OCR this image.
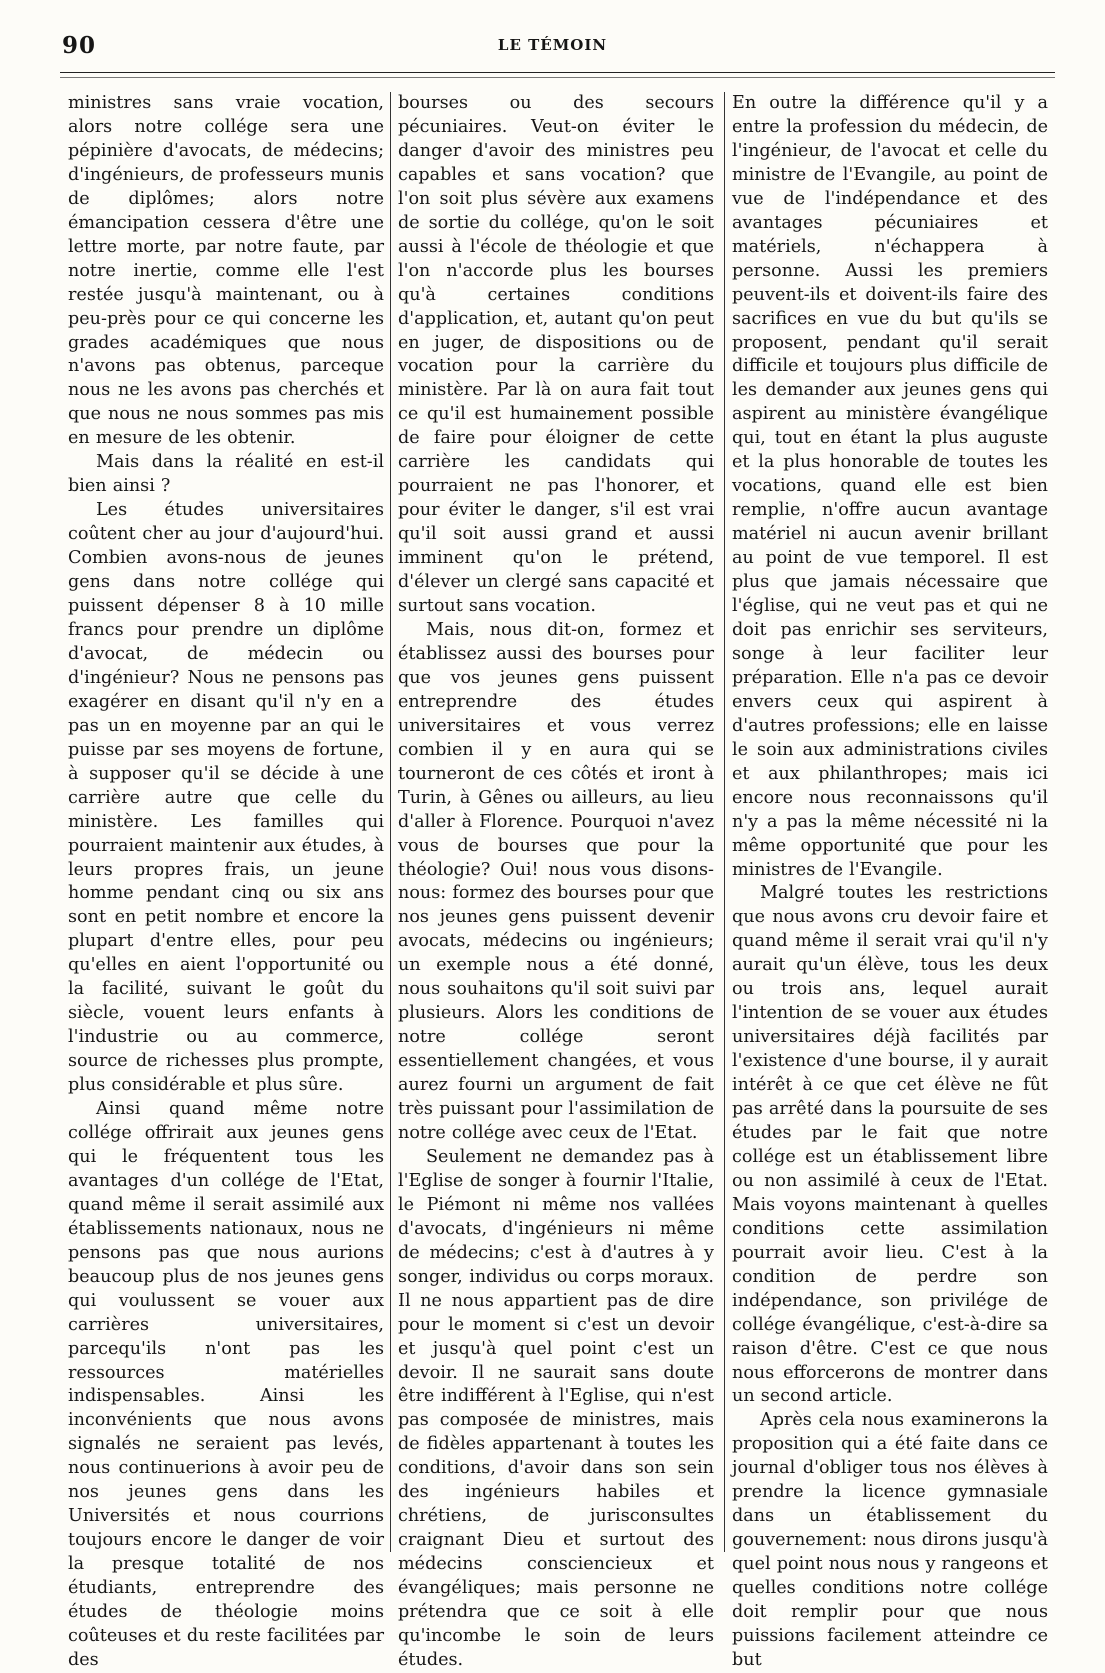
90	LE TÉMOIN

ministres sans vraie vocation, alors notre collége sera une pépinière d'avocats, de médecins; d'ingénieurs, de professeurs munis de diplômes; alors notre émancipation cessera d'être une lettre morte, par notre faute, par notre inertie, comme elle l'est restée jusqu'à maintenant, ou à peu-près pour ce qui concerne les grades académiques que nous n'avons pas obtenus, parceque nous ne les avons pas cherchés et que nous ne nous sommes pas mis en mesure de les obtenir.

Mais dans la réalité en est-il bien ainsi ?

Les études universitaires coûtent cher au jour d'aujourd'hui. Combien avons-nous de jeunes gens dans notre collége qui puissent dépenser 8 à 10 mille francs pour prendre un diplôme d'avocat, de médecin ou d'ingénieur? Nous ne pensons pas exagérer en disant qu'il n'y en a pas un en moyenne par an qui le puisse par ses moyens de fortune, à supposer qu'il se décide à une carrière autre que celle du ministère. Les familles qui pourraient maintenir aux études, à leurs propres frais, un jeune homme pendant cinq ou six ans sont en petit nombre et encore la plupart d'entre elles, pour peu qu'elles en aient l'opportunité ou la facilité, suivant le goût du siècle, vouent leurs enfants à l'industrie ou au commerce, source de richesses plus prompte, plus considérable et plus sûre.

Ainsi quand même notre collége offrirait aux jeunes gens qui le fréquentent tous les avantages d'un collége de l'Etat, quand même il serait assimilé aux établissements nationaux, nous ne pensons pas que nous aurions beaucoup plus de nos jeunes gens qui voulussent se vouer aux carrières universitaires, parcequ'ils n'ont pas les ressources matérielles indispensables. Ainsi les inconvénients que nous avons signalés ne seraient pas levés, nous continuerions à avoir peu de nos jeunes gens dans les Universités et nous courrions toujours encore le danger de voir la presque totalité de nos étudiants, entreprendre des études de théologie moins coûteuses et du reste facilitées par des

bourses ou des secours pécuniaires. Veut-on éviter le danger d'avoir des ministres peu capables et sans vocation? que l'on soit plus sévère aux examens de sortie du collége, qu'on le soit aussi à l'école de théologie et que l'on n'accorde plus les bourses qu'à certaines conditions d'application, et, autant qu'on peut en juger, de dispositions ou de vocation pour la carrière du ministère. Par là on aura fait tout ce qu'il est humainement possible de faire pour éloigner de cette carrière les candidats qui pourraient ne pas l'honorer, et pour éviter le danger, s'il est vrai qu'il soit aussi grand et aussi imminent qu'on le prétend, d'élever un clergé sans capacité et surtout sans vocation.

Mais, nous dit-on, formez et établissez aussi des bourses pour que vos jeunes gens puissent entreprendre des études universitaires et vous verrez combien il y en aura qui se tourneront de ces côtés et iront à Turin, à Gênes ou ailleurs, au lieu d'aller à Florence. Pourquoi n'avez vous de bourses que pour la théologie? Oui! nous vous disons-nous: formez des bourses pour que nos jeunes gens puissent devenir avocats, médecins ou ingénieurs; un exemple nous a été donné, nous souhaitons qu'il soit suivi par plusieurs. Alors les conditions de notre collége seront essentiellement changées, et vous aurez fourni un argument de fait très puissant pour l'assimilation de notre collége avec ceux de l'Etat.

Seulement ne demandez pas à l'Eglise de songer à fournir l'Italie, le Piémont ni même nos vallées d'avocats, d'ingénieurs ni même de médecins; c'est à d'autres à y songer, individus ou corps moraux. Il ne nous appartient pas de dire pour le moment si c'est un devoir et jusqu'à quel point c'est un devoir. Il ne saurait sans doute être indifférent à l'Eglise, qui n'est pas composée de ministres, mais de fidèles appartenant à toutes les conditions, d'avoir dans son sein des ingénieurs habiles et chrétiens, de jurisconsultes craignant Dieu et surtout des médecins consciencieux et évangéliques; mais personne ne prétendra que ce soit à elle qu'incombe le soin de leurs études.

En outre la différence qu'il y a entre la profession du médecin, de l'ingénieur, de l'avocat et celle du ministre de l'Evangile, au point de vue de l'indépendance et des avantages pécuniaires et matériels, n'échappera à personne. Aussi les premiers peuvent-ils et doivent-ils faire des sacrifices en vue du but qu'ils se proposent, pendant qu'il serait difficile et toujours plus difficile de les demander aux jeunes gens qui aspirent au ministère évangélique qui, tout en étant la plus auguste et la plus honorable de toutes les vocations, quand elle est bien remplie, n'offre aucun avantage matériel ni aucun avenir brillant au point de vue temporel. Il est plus que jamais nécessaire que l'église, qui ne veut pas et qui ne doit pas enrichir ses serviteurs, songe à leur faciliter leur préparation. Elle n'a pas ce devoir envers ceux qui aspirent à d'autres professions; elle en laisse le soin aux administrations civiles et aux philanthropes; mais ici encore nous reconnaissons qu'il n'y a pas la même nécessité ni la même opportunité que pour les ministres de l'Evangile.

Malgré toutes les restrictions que nous avons cru devoir faire et quand même il serait vrai qu'il n'y aurait qu'un élève, tous les deux ou trois ans, lequel aurait l'intention de se vouer aux études universitaires déjà facilités par l'existence d'une bourse, il y aurait intérêt à ce que cet élève ne fût pas arrêté dans la poursuite de ses études par le fait que notre collége est un établissement libre ou non assimilé à ceux de l'Etat. Mais voyons maintenant à quelles conditions cette assimilation pourrait avoir lieu. C'est à la condition de perdre son indépendance, son privilége de collége évangélique, c'est-à-dire sa raison d'être. C'est ce que nous nous efforcerons de montrer dans un second article.

Après cela nous examinerons la proposition qui a été faite dans ce journal d'obliger tous nos élèves à prendre la licence gymnasiale dans un établissement du gouvernement: nous dirons jusqu'à quel point nous nous y rangeons et quelles conditions notre collége doit remplir pour que nous puissions facilement atteindre ce but
